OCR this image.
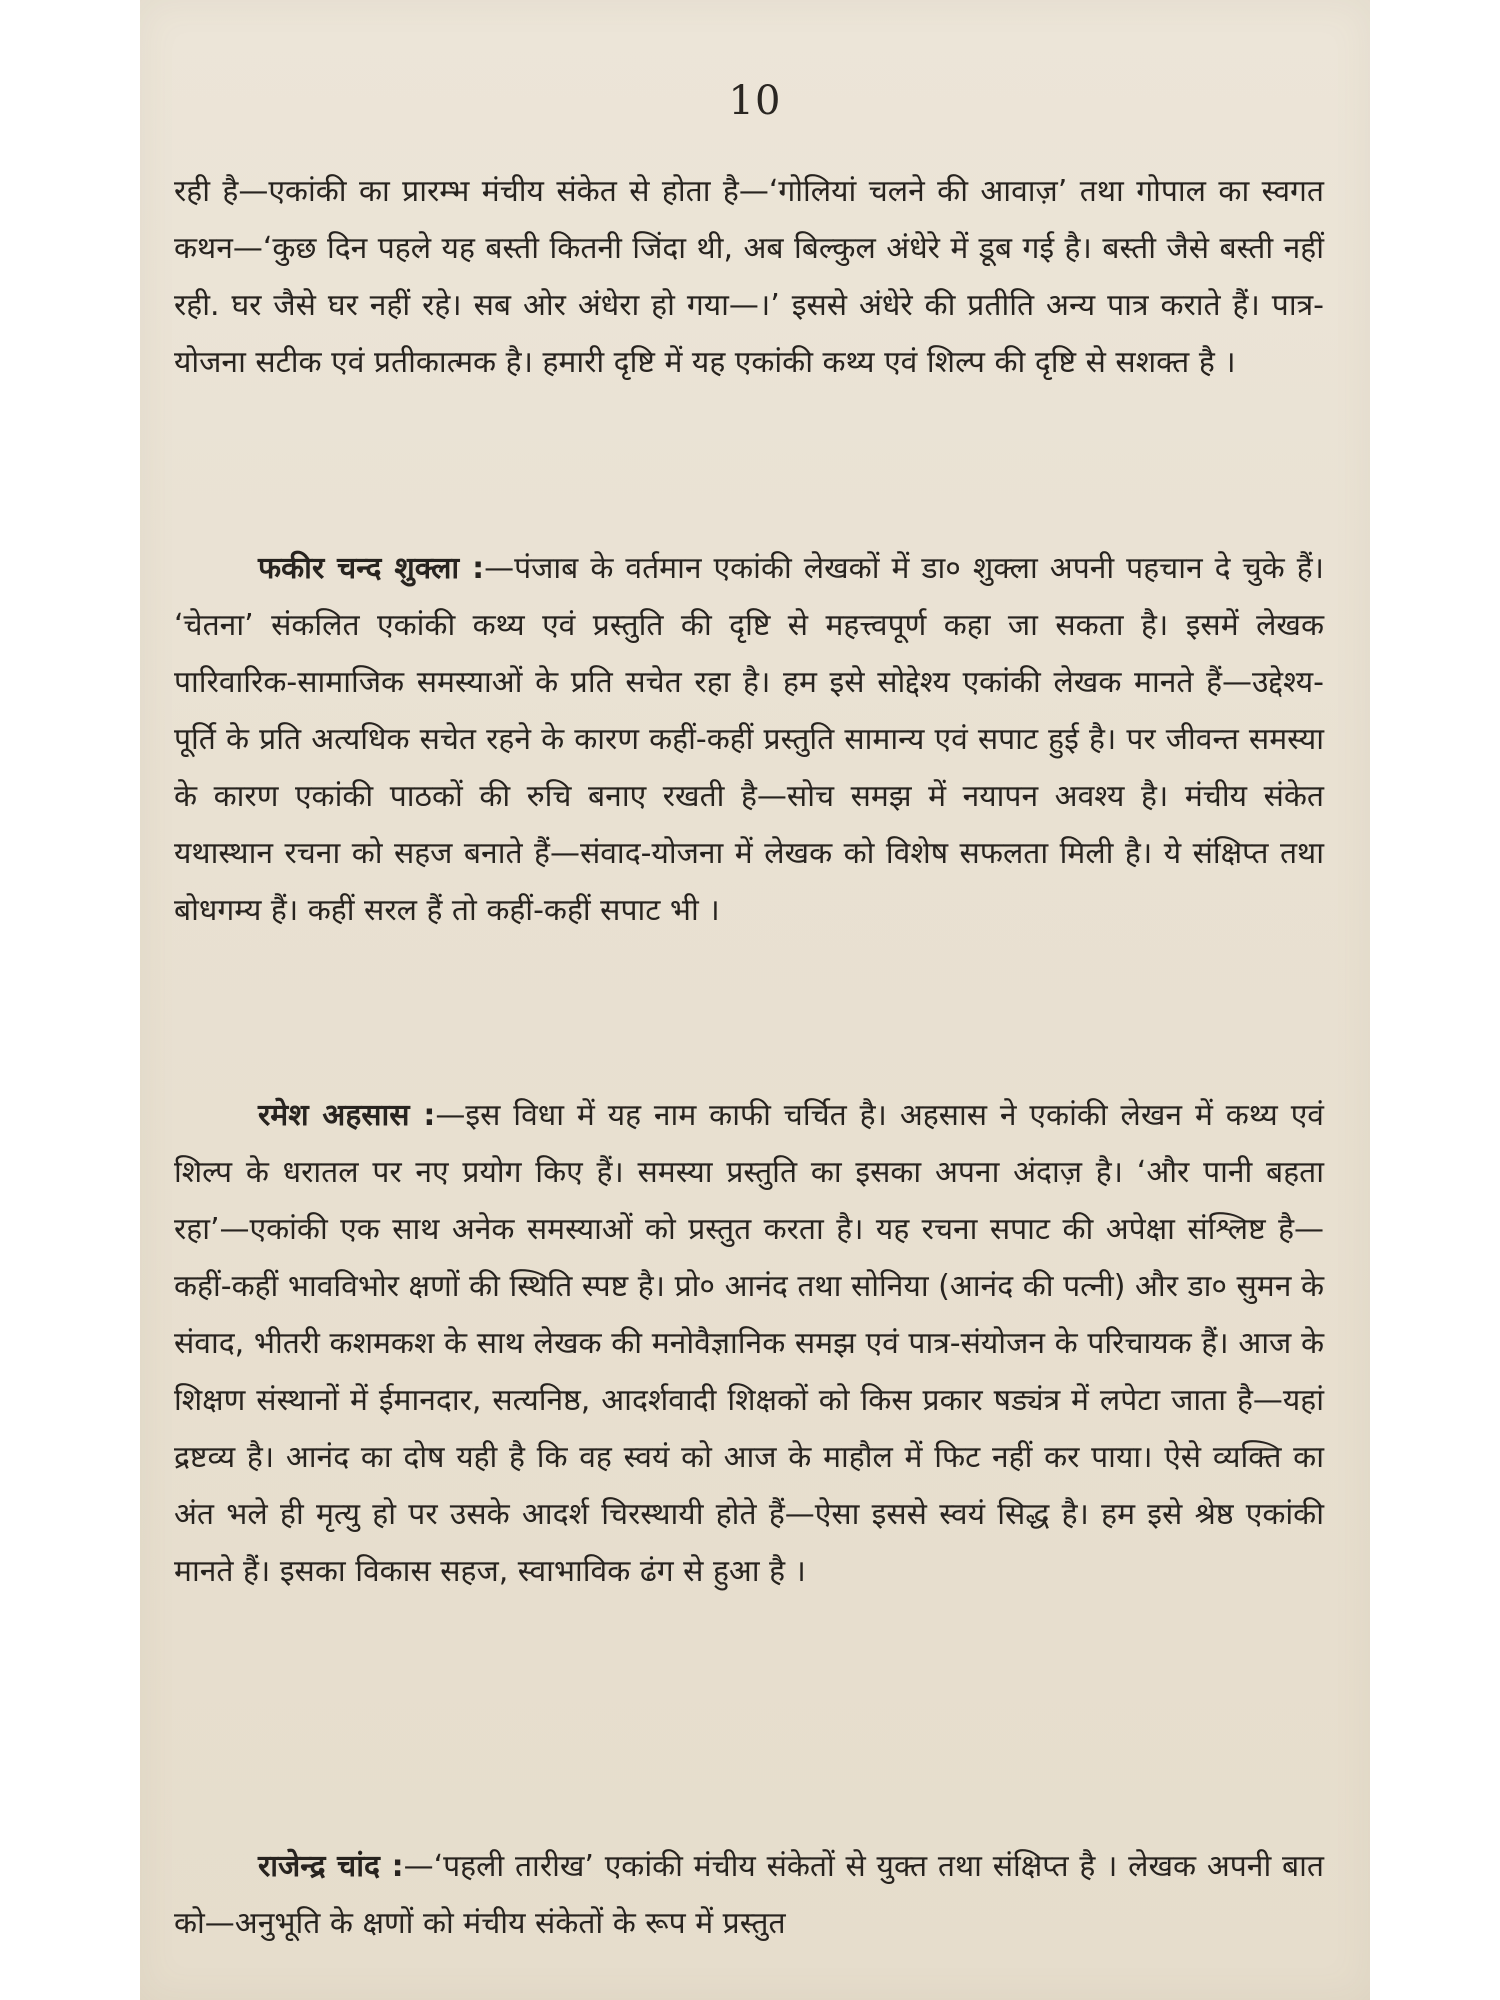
10

रही है—एकांकी का प्रारम्भ मंचीय संकेत से होता है—‘गोलियां चलने की आवाज़’ तथा गोपाल का स्वगत कथन—‘कुछ दिन पहले यह बस्ती कितनी जिंदा थी, अब बिल्कुल अंधेरे में डूब गई है। बस्ती जैसे बस्ती नहीं रही. घर जैसे घर नहीं रहे। सब ओर अंधेरा हो गया—।’ इससे अंधेरे की प्रतीति अन्य पात्र कराते हैं। पात्र-योजना सटीक एवं प्रतीकात्मक है। हमारी दृष्टि में यह एकांकी कथ्य एवं शिल्प की दृष्टि से सशक्त है ।

फकीर चन्द शुक्ला :—पंजाब के वर्तमान एकांकी लेखकों में डा० शुक्ला अपनी पहचान दे चुके हैं। ‘चेतना’ संकलित एकांकी कथ्य एवं प्रस्तुति की दृष्टि से महत्त्वपूर्ण कहा जा सकता है। इसमें लेखक पारिवारिक-सामाजिक समस्याओं के प्रति सचेत रहा है। हम इसे सोद्देश्य एकांकी लेखक मानते हैं—उद्देश्य-पूर्ति के प्रति अत्यधिक सचेत रहने के कारण कहीं-कहीं प्रस्तुति सामान्य एवं सपाट हुई है। पर जीवन्त समस्या के कारण एकांकी पाठकों की रुचि बनाए रखती है—सोच समझ में नयापन अवश्य है। मंचीय संकेत यथास्थान रचना को सहज बनाते हैं—संवाद-योजना में लेखक को विशेष सफलता मिली है। ये संक्षिप्त तथा बोधगम्य हैं। कहीं सरल हैं तो कहीं-कहीं सपाट भी ।

रमेश अहसास :—इस विधा में यह नाम काफी चर्चित है। अहसास ने एकांकी लेखन में कथ्य एवं शिल्प के धरातल पर नए प्रयोग किए हैं। समस्या प्रस्तुति का इसका अपना अंदाज़ है। ‘और पानी बहता रहा’—एकांकी एक साथ अनेक समस्याओं को प्रस्तुत करता है। यह रचना सपाट की अपेक्षा संश्लिष्ट है—कहीं-कहीं भावविभोर क्षणों की स्थिति स्पष्ट है। प्रो० आनंद तथा सोनिया (आनंद की पत्नी) और डा० सुमन के संवाद, भीतरी कशमकश के साथ लेखक की मनोवैज्ञानिक समझ एवं पात्र-संयोजन के परिचायक हैं। आज के शिक्षण संस्थानों में ईमानदार, सत्यनिष्ठ, आदर्शवादी शिक्षकों को किस प्रकार षड्यंत्र में लपेटा जाता है—यहां द्रष्टव्य है। आनंद का दोष यही है कि वह स्वयं को आज के माहौल में फिट नहीं कर पाया। ऐसे व्यक्ति का अंत भले ही मृत्यु हो पर उसके आदर्श चिरस्थायी होते हैं—ऐसा इससे स्वयं सिद्ध है। हम इसे श्रेष्ठ एकांकी मानते हैं। इसका विकास सहज, स्वाभाविक ढंग से हुआ है ।

राजेन्द्र चांद :—‘पहली तारीख’ एकांकी मंचीय संकेतों से युक्त तथा संक्षिप्त है । लेखक अपनी बात को—अनुभूति के क्षणों को मंचीय संकेतों के रूप में प्रस्तुत
